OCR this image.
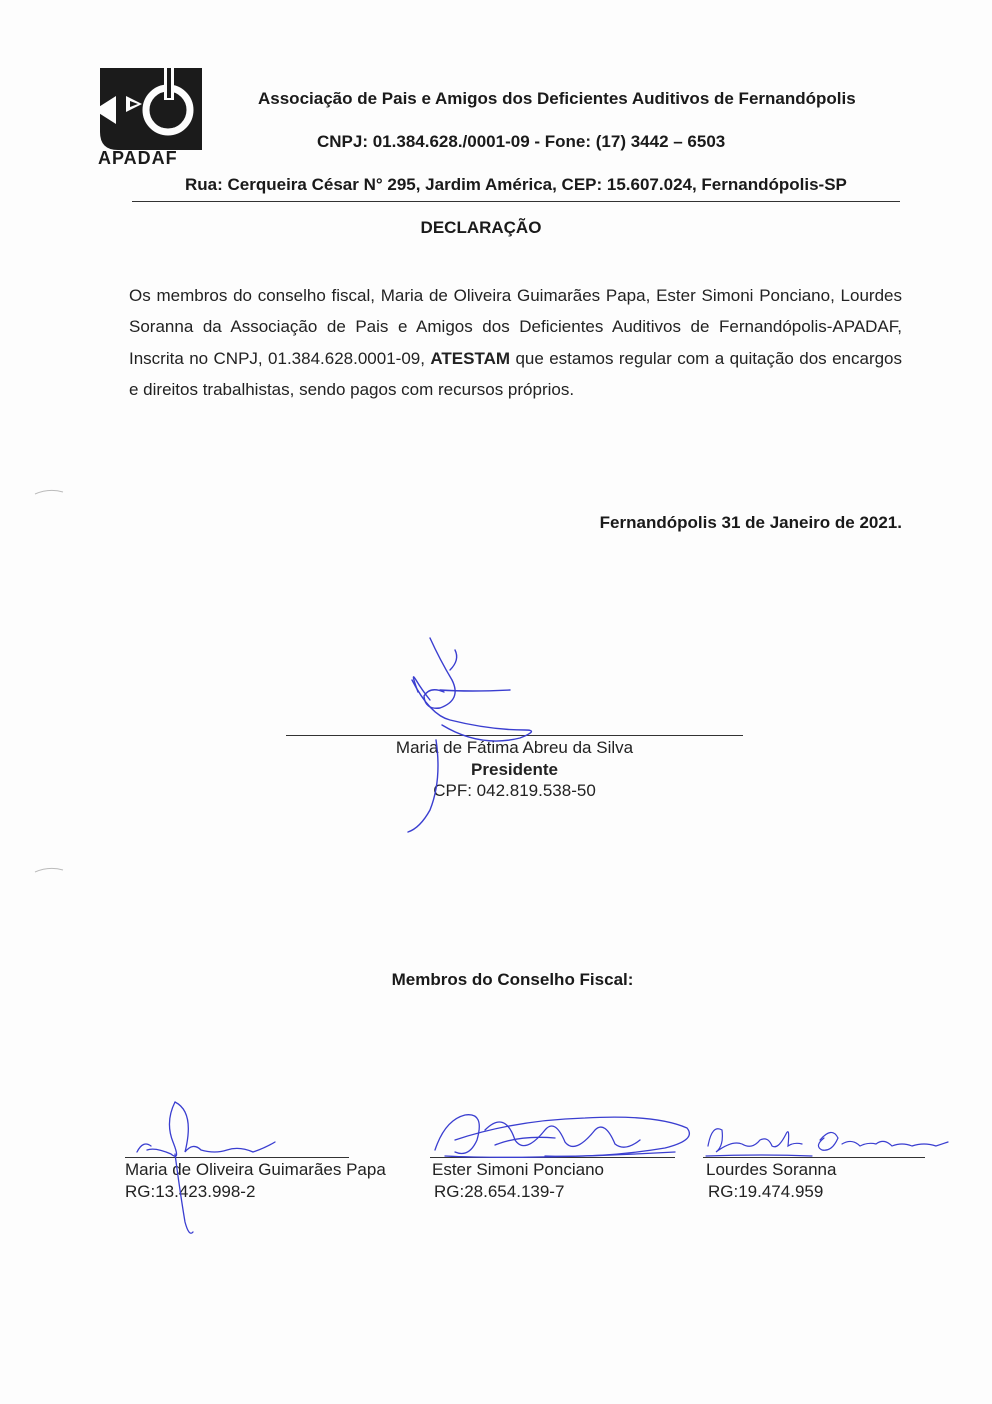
APADAF
Associação de Pais e Amigos dos Deficientes Auditivos de Fernandópolis
CNPJ: 01.384.628./0001-09 - Fone: (17) 3442 – 6503
Rua: Cerqueira César N° 295, Jardim América, CEP: 15.607.024, Fernandópolis-SP
DECLARAÇÃO
Os membros do conselho fiscal, Maria de Oliveira Guimarães Papa, Ester Simoni Ponciano, Lourdes Soranna da Associação de Pais e Amigos dos Deficientes Auditivos de Fernandópolis-APADAF, Inscrita no CNPJ, 01.384.628.0001-09, ATESTAM que estamos regular com a quitação dos encargos e direitos trabalhistas, sendo pagos com recursos próprios.
Fernandópolis 31 de Janeiro de 2021.
Maria de Fátima Abreu da Silva
Presidente
CPF: 042.819.538-50
Membros do Conselho Fiscal:
Maria de Oliveira Guimarães Papa
RG:13.423.998-2
Ester Simoni Ponciano
RG:28.654.139-7
Lourdes Soranna
RG:19.474.959
